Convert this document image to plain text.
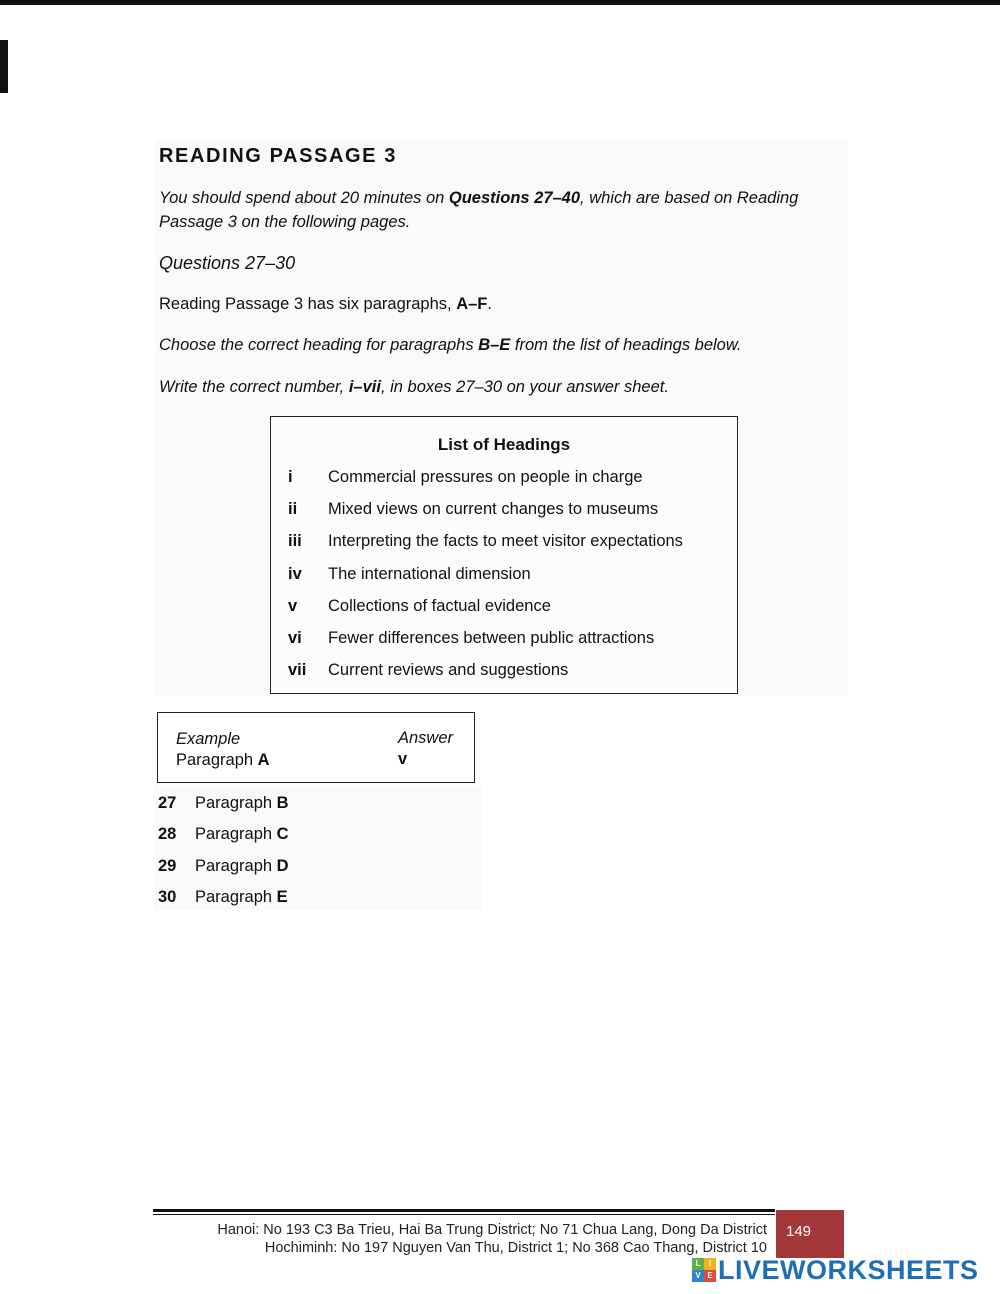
READING PASSAGE 3
You should spend about 20 minutes on Questions 27–40, which are based on Reading Passage 3 on the following pages.
Questions 27–30
Reading Passage 3 has six paragraphs, A–F.
Choose the correct heading for paragraphs B–E from the list of headings below.
Write the correct number, i–vii, in boxes 27–30 on your answer sheet.
List of Headings
i Commercial pressures on people in charge
ii Mixed views on current changes to museums
iii Interpreting the facts to meet visitor expectations
iv The international dimension
v Collections of factual evidence
vi Fewer differences between public attractions
vii Current reviews and suggestions
Example	Answer
Paragraph A	v
27 Paragraph B
28 Paragraph C
29 Paragraph D
30 Paragraph E
Hanoi: No 193 C3 Ba Trieu, Hai Ba Trung District; No 71 Chua Lang, Dong Da District
Hochiminh: No 197 Nguyen Van Thu, District 1; No 368 Cao Thang, District 10
149
L	I
V E LIVEWORKSHEETS
